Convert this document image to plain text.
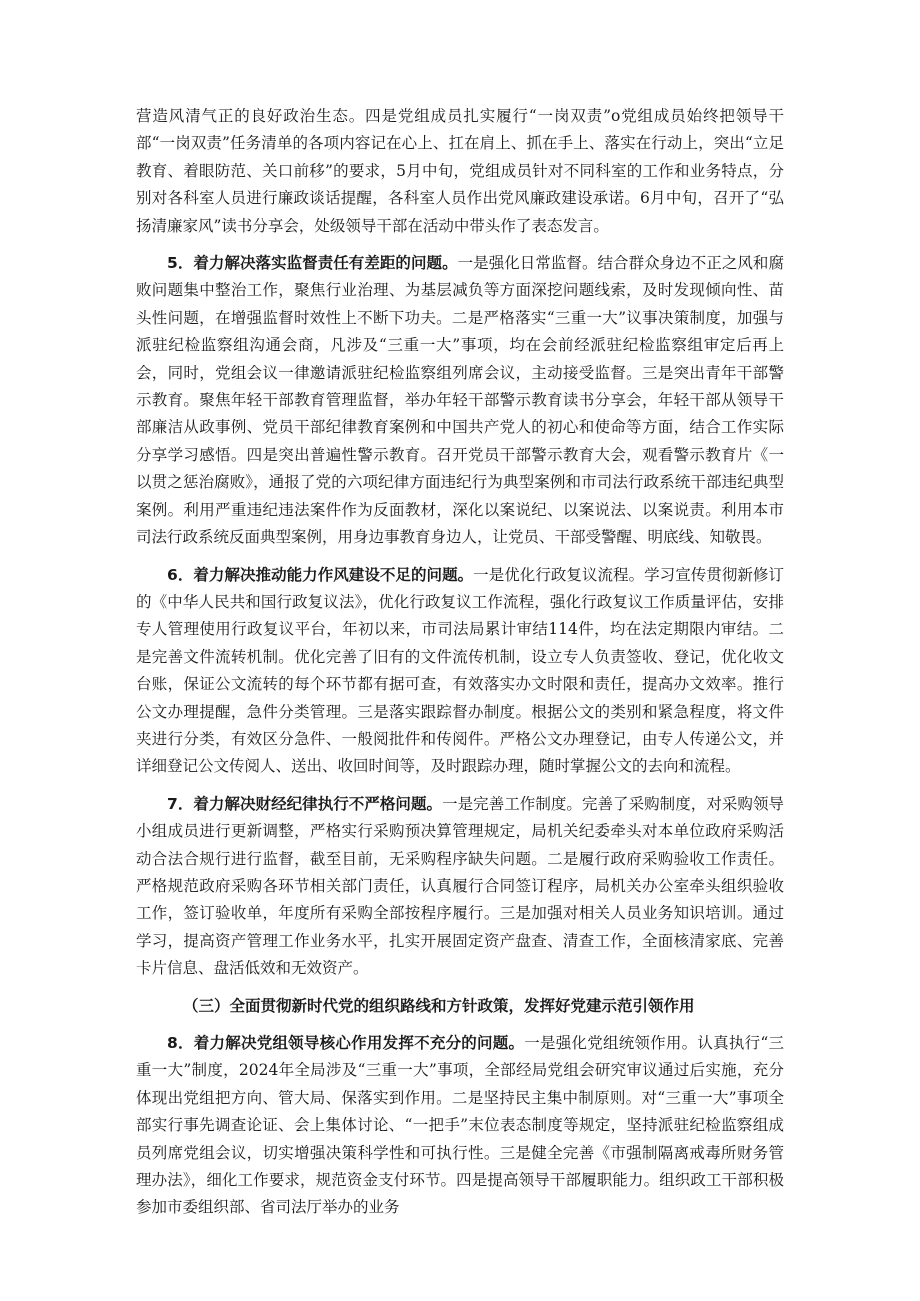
营造风清气正的良好政治生态。四是党组成员扎实履行“一岗双责”o党组成员始终把领导干部“一岗双责”任务清单的各项内容记在心上、扛在肩上、抓在手上、落实在行动上，突出“立足教育、着眼防范、关口前移”的要求，5月中旬，党组成员针对不同科室的工作和业务特点，分别对各科室人员进行廉政谈话提醒，各科室人员作出党风廉政建设承诺。6月中旬，召开了“弘扬清廉家风”读书分享会，处级领导干部在活动中带头作了表态发言。

5．着力解决落实监督责任有差距的问题。一是强化日常监督。结合群众身边不正之风和腐败问题集中整治工作，聚焦行业治理、为基层减负等方面深挖问题线索，及时发现倾向性、苗头性问题，在增强监督时效性上不断下功夫。二是严格落实“三重一大”议事决策制度，加强与派驻纪检监察组沟通会商，凡涉及“三重一大”事项，均在会前经派驻纪检监察组审定后再上会，同时，党组会议一律邀请派驻纪检监察组列席会议，主动接受监督。三是突出青年干部警示教育。聚焦年轻干部教育管理监督，举办年轻干部警示教育读书分享会，年轻干部从领导干部廉洁从政事例、党员干部纪律教育案例和中国共产党人的初心和使命等方面，结合工作实际分享学习感悟。四是突出普遍性警示教育。召开党员干部警示教育大会，观看警示教育片《一以贯之惩治腐败》，通报了党的六项纪律方面违纪行为典型案例和市司法行政系统干部违纪典型案例。利用严重违纪违法案件作为反面教材，深化以案说纪、以案说法、以案说责。利用本市司法行政系统反面典型案例，用身边事教育身边人，让党员、干部受警醒、明底线、知敬畏。

6．着力解决推动能力作风建设不足的问题。一是优化行政复议流程。学习宣传贯彻新修订的《中华人民共和国行政复议法》，优化行政复议工作流程，强化行政复议工作质量评估，安排专人管理使用行政复议平台，年初以来，市司法局累计审结114件，均在法定期限内审结。二是完善文件流转机制。优化完善了旧有的文件流传机制，设立专人负责签收、登记，优化收文台账，保证公文流转的每个环节都有据可查，有效落实办文时限和责任，提高办文效率。推行公文办理提醒，急件分类管理。三是落实跟踪督办制度。根据公文的类别和紧急程度，将文件夹进行分类，有效区分急件、一般阅批件和传阅件。严格公文办理登记，由专人传递公文，并详细登记公文传阅人、送出、收回时间等，及时跟踪办理，随时掌握公文的去向和流程。

7．着力解决财经纪律执行不严格问题。一是完善工作制度。完善了采购制度，对采购领导小组成员进行更新调整，严格实行采购预决算管理规定，局机关纪委牵头对本单位政府采购活动合法合规行进行监督，截至目前，无采购程序缺失问题。二是履行政府采购验收工作责任。严格规范政府采购各环节相关部门责任，认真履行合同签订程序，局机关办公室牵头组织验收工作，签订验收单，年度所有采购全部按程序履行。三是加强对相关人员业务知识培训。通过学习，提高资产管理工作业务水平，扎实开展固定资产盘查、清查工作，全面核清家底、完善卡片信息、盘活低效和无效资产。

（三）全面贯彻新时代党的组织路线和方针政策，发挥好党建示范引领作用

8．着力解决党组领导核心作用发挥不充分的问题。一是强化党组统领作用。认真执行“三重一大”制度，2024年全局涉及“三重一大”事项，全部经局党组会研究审议通过后实施，充分体现出党组把方向、管大局、保落实到作用。二是坚持民主集中制原则。对“三重一大”事项全部实行事先调查论证、会上集体讨论、“一把手”末位表态制度等规定，坚持派驻纪检监察组成员列席党组会议，切实增强决策科学性和可执行性。三是健全完善《市强制隔离戒毒所财务管理办法》，细化工作要求，规范资金支付环节。四是提高领导干部履职能力。组织政工干部积极参加市委组织部、省司法厅举办的业务
